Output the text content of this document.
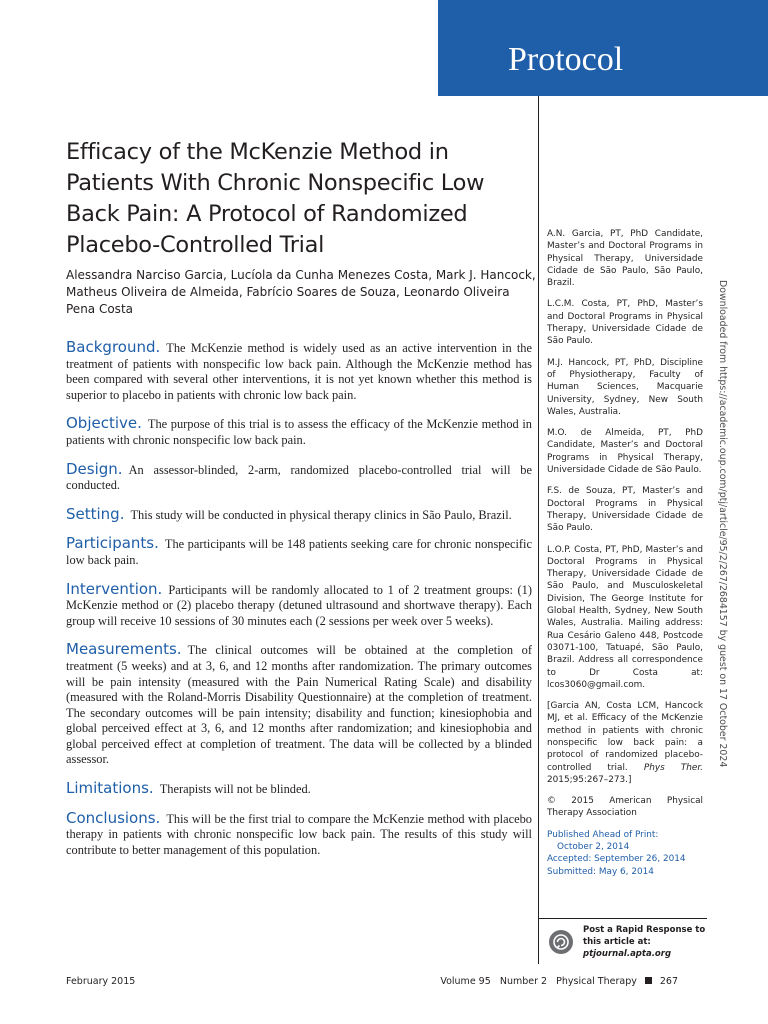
Protocol
Efficacy of the McKenzie Method in Patients With Chronic Nonspecific Low Back Pain: A Protocol of Randomized Placebo-Controlled Trial
Alessandra Narciso Garcia, Lucíola da Cunha Menezes Costa, Mark J. Hancock, Matheus Oliveira de Almeida, Fabrício Soares de Souza, Leonardo Oliveira Pena Costa

Background. The McKenzie method is widely used as an active intervention in the treatment of patients with nonspecific low back pain. Although the McKenzie method has been compared with several other interventions, it is not yet known whether this method is superior to placebo in patients with chronic low back pain.

Objective. The purpose of this trial is to assess the efficacy of the McKenzie method in patients with chronic nonspecific low back pain.

Design. An assessor-blinded, 2-arm, randomized placebo-controlled trial will be conducted.

Setting. This study will be conducted in physical therapy clinics in São Paulo, Brazil.

Participants. The participants will be 148 patients seeking care for chronic nonspecific low back pain.

Intervention. Participants will be randomly allocated to 1 of 2 treatment groups: (1) McKenzie method or (2) placebo therapy (detuned ultrasound and shortwave therapy). Each group will receive 10 sessions of 30 minutes each (2 sessions per week over 5 weeks).

Measurements. The clinical outcomes will be obtained at the completion of treatment (5 weeks) and at 3, 6, and 12 months after randomization. The primary outcomes will be pain intensity (measured with the Pain Numerical Rating Scale) and disability (measured with the Roland-Morris Disability Questionnaire) at the completion of treatment. The secondary outcomes will be pain intensity; disability and function; kinesiophobia and global perceived effect at 3, 6, and 12 months after randomization; and kinesiophobia and global perceived effect at completion of treatment. The data will be collected by a blinded assessor.

Limitations. Therapists will not be blinded.

Conclusions. This will be the first trial to compare the McKenzie method with placebo therapy in patients with chronic nonspecific low back pain. The results of this study will contribute to better management of this population.

A.N. Garcia, PT, PhD Candidate, Master’s and Doctoral Programs in Physical Therapy, Universidade Cidade de São Paulo, São Paulo, Brazil.

L.C.M. Costa, PT, PhD, Master’s and Doctoral Programs in Physical Therapy, Universidade Cidade de São Paulo.

M.J. Hancock, PT, PhD, Discipline of Physiotherapy, Faculty of Human Sciences, Macquarie University, Sydney, New South Wales, Australia.

M.O. de Almeida, PT, PhD Candidate, Master’s and Doctoral Programs in Physical Therapy, Universidade Cidade de São Paulo.

F.S. de Souza, PT, Master’s and Doctoral Programs in Physical Therapy, Universidade Cidade de São Paulo.

L.O.P. Costa, PT, PhD, Master’s and Doctoral Programs in Physical Therapy, Universidade Cidade de São Paulo, and Musculoskeletal Division, The George Institute for Global Health, Sydney, New South Wales, Australia. Mailing address: Rua Cesário Galeno 448, Postcode 03071-100, Tatuapé, São Paulo, Brazil. Address all correspondence to Dr Costa at: lcos3060@gmail.com.

[Garcia AN, Costa LCM, Hancock MJ, et al. Efficacy of the McKenzie method in patients with chronic nonspecific low back pain: a protocol of randomized placebo-controlled trial. Phys Ther. 2015;95:267–273.]

© 2015 American Physical Therapy Association

Published Ahead of Print:
October 2, 2014
Accepted: September 26, 2014
Submitted: May 6, 2014
Post a Rapid Response to
this article at:
ptjournal.apta.org
Downloaded from https://academic.oup.com/ptj/article/95/2/267/2684157 by guest on 17 October 2024
February 2015	Volume 95 Number 2 Physical Therapy 267
